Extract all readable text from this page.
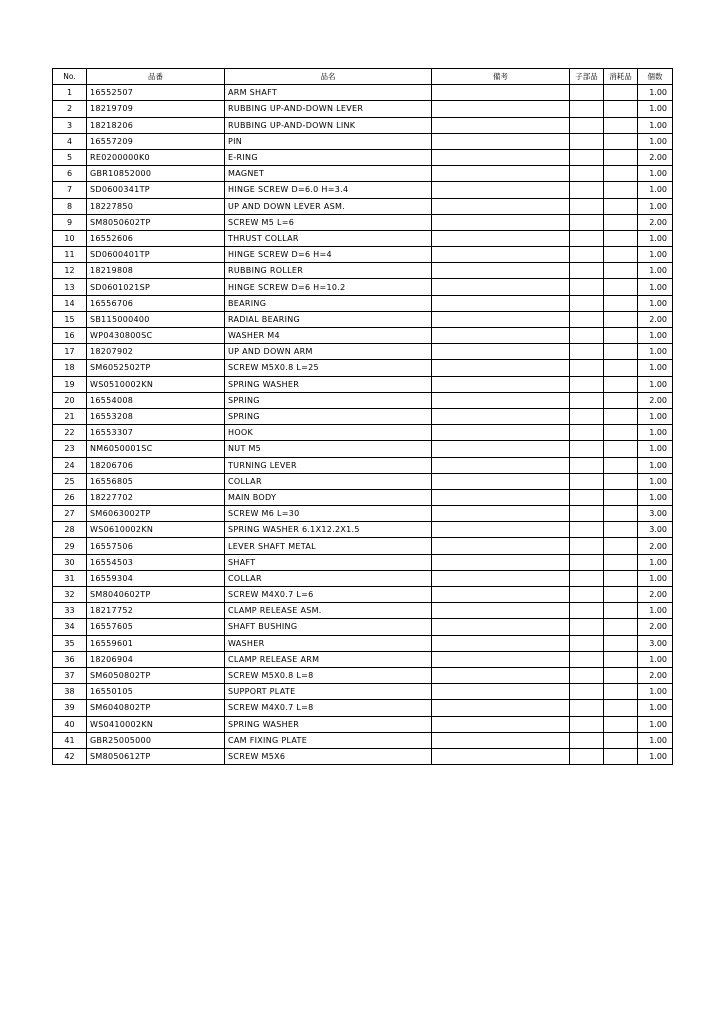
No.	品番	品名	備考	子部品	消耗品	個数
1	16552507	ARM SHAFT				1.00
2	18219709	RUBBING UP-AND-DOWN LEVER				1.00
3	18218206	RUBBING UP-AND-DOWN LINK				1.00
4	16557209	PIN				1.00
5	RE0200000K0	E-RING				2.00
6	GBR10852000	MAGNET				1.00
7	SD0600341TP	HINGE SCREW D=6.0 H=3.4				1.00
8	18227850	UP AND DOWN LEVER ASM.				1.00
9	SM8050602TP	SCREW M5 L=6				2.00
10	16552606	THRUST COLLAR				1.00
11	SD0600401TP	HINGE SCREW D=6 H=4				1.00
12	18219808	RUBBING ROLLER				1.00
13	SD0601021SP	HINGE SCREW D=6 H=10.2				1.00
14	16556706	BEARING				1.00
15	SB115000400	RADIAL BEARING				2.00
16	WP0430800SC	WASHER M4				1.00
17	18207902	UP AND DOWN ARM				1.00
18	SM6052502TP	SCREW M5X0.8 L=25				1.00
19	WS0510002KN	SPRING WASHER				1.00
20	16554008	SPRING				2.00
21	16553208	SPRING				1.00
22	16553307	HOOK				1.00
23	NM6050001SC	NUT M5				1.00
24	18206706	TURNING LEVER				1.00
25	16556805	COLLAR				1.00
26	18227702	MAIN BODY				1.00
27	SM6063002TP	SCREW M6 L=30				3.00
28	WS0610002KN	SPRING WASHER 6.1X12.2X1.5				3.00
29	16557506	LEVER SHAFT METAL				2.00
30	16554503	SHAFT				1.00
31	16559304	COLLAR				1.00
32	SM8040602TP	SCREW M4X0.7 L=6				2.00
33	18217752	CLAMP RELEASE ASM.				1.00
34	16557605	SHAFT BUSHING				2.00
35	16559601	WASHER				3.00
36	18206904	CLAMP RELEASE ARM				1.00
37	SM6050802TP	SCREW M5X0.8 L=8				2.00
38	16550105	SUPPORT PLATE				1.00
39	SM6040802TP	SCREW M4X0.7 L=8				1.00
40	WS0410002KN	SPRING WASHER				1.00
41	GBR25005000	CAM FIXING PLATE				1.00
42	SM8050612TP	SCREW M5X6				1.00
